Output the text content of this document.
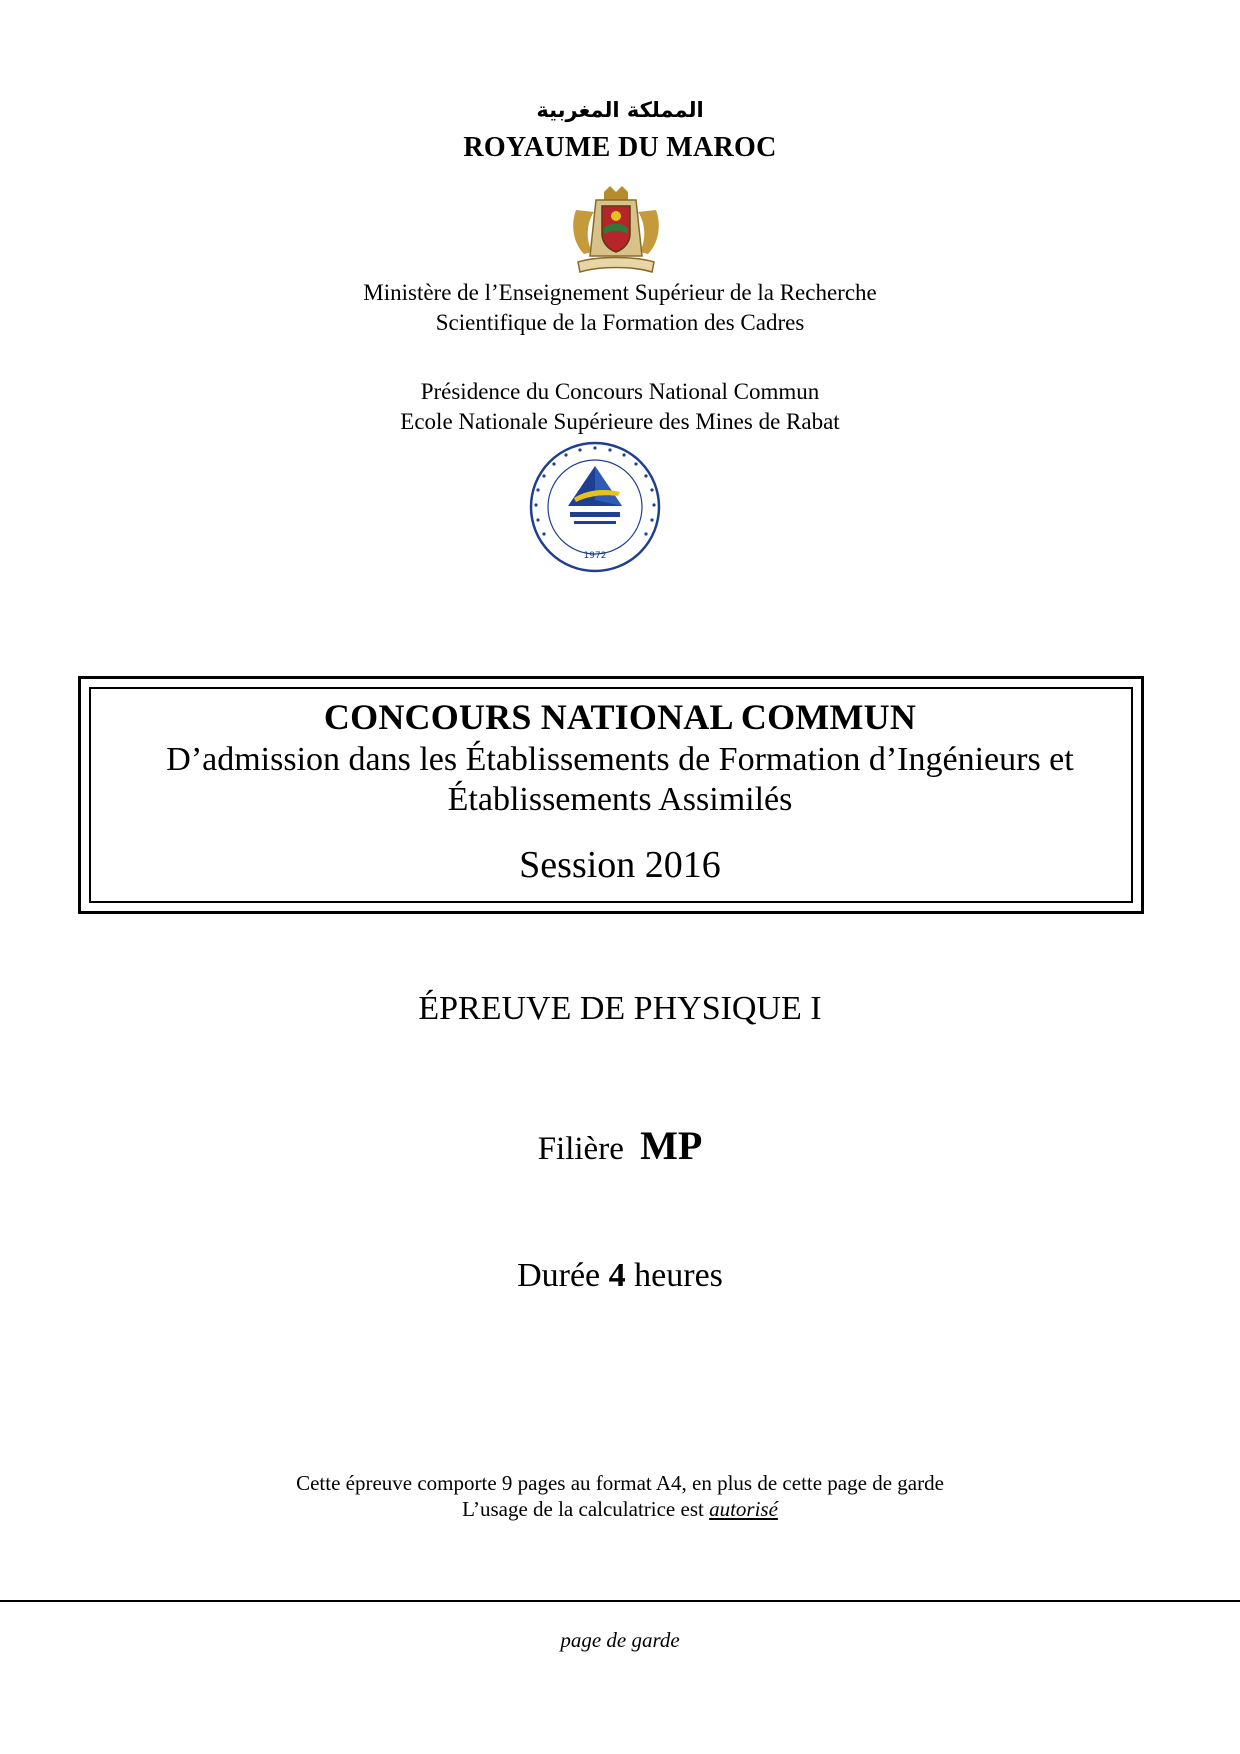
المملكة المغربية
ROYAUME DU MAROC
Ministère de l’Enseignement Supérieur de la Recherche
Scientifique de la Formation des Cadres
Présidence du Concours National Commun
Ecole Nationale Supérieure des Mines de Rabat
1972
CONCOURS NATIONAL COMMUN
D’admission dans les Établissements de Formation d’Ingénieurs et
Établissements Assimilés
Session 2016
ÉPREUVE DE PHYSIQUE I
Filière MP
Durée 4 heures
Cette épreuve comporte 9 pages au format A4, en plus de cette page de garde
L’usage de la calculatrice est autorisé
page de garde
